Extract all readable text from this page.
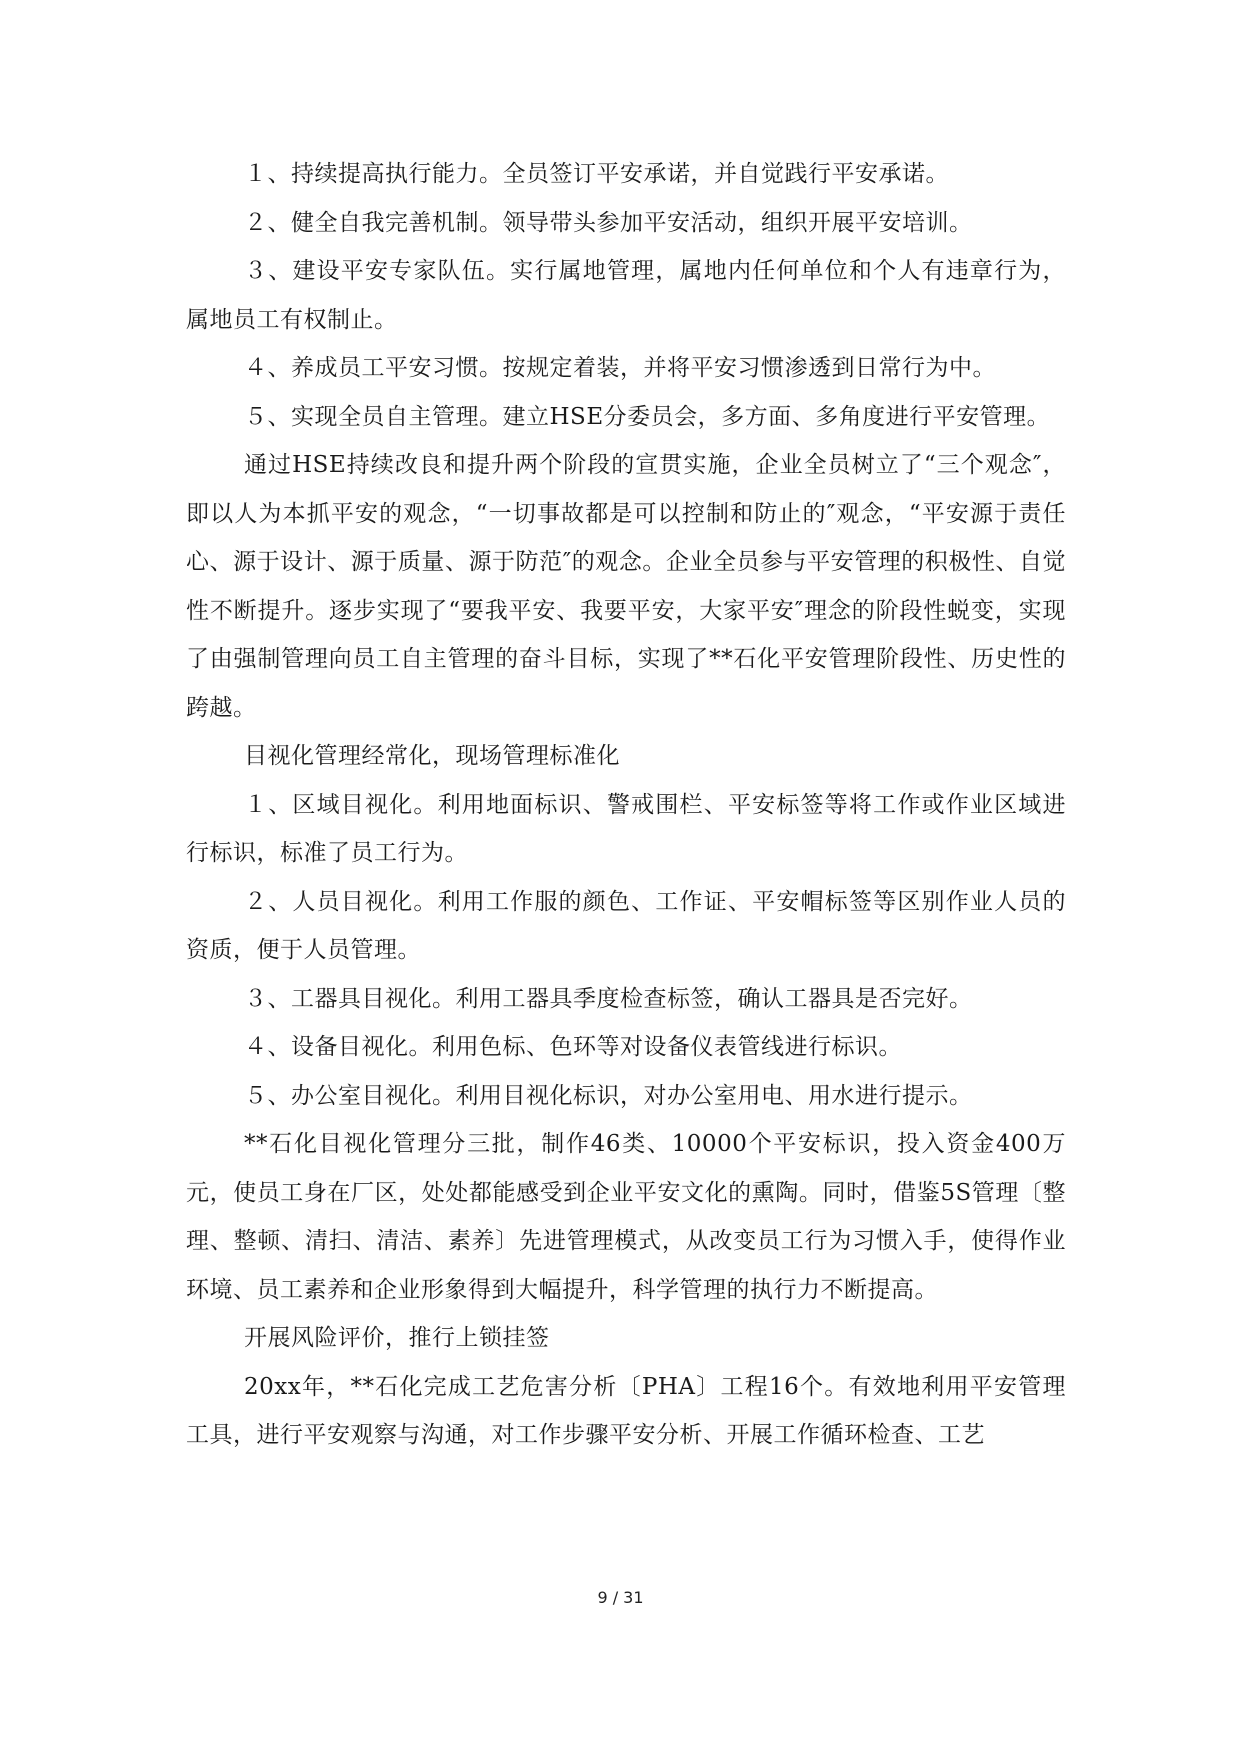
１、持续提高执行能力。全员签订平安承诺，并自觉践行平安承诺。

２、健全自我完善机制。领导带头参加平安活动，组织开展平安培训。

３、建设平安专家队伍。实行属地管理，属地内任何单位和个人有违章行为，属地员工有权制止。

４、养成员工平安习惯。按规定着装，并将平安习惯渗透到日常行为中。

５、实现全员自主管理。建立HSE分委员会，多方面、多角度进行平安管理。

通过HSE持续改良和提升两个阶段的宣贯实施，企业全员树立了“三个观念″，即以人为本抓平安的观念，“一切事故都是可以控制和防止的″观念，“平安源于责任心、源于设计、源于质量、源于防范″的观念。企业全员参与平安管理的积极性、自觉性不断提升。逐步实现了“要我平安、我要平安，大家平安″理念的阶段性蜕变，实现了由强制管理向员工自主管理的奋斗目标，实现了**石化平安管理阶段性、历史性的跨越。

目视化管理经常化，现场管理标准化

１、区域目视化。利用地面标识、警戒围栏、平安标签等将工作或作业区域进行标识，标准了员工行为。

２、人员目视化。利用工作服的颜色、工作证、平安帽标签等区别作业人员的资质，便于人员管理。

３、工器具目视化。利用工器具季度检查标签，确认工器具是否完好。

４、设备目视化。利用色标、色环等对设备仪表管线进行标识。

５、办公室目视化。利用目视化标识，对办公室用电、用水进行提示。

**石化目视化管理分三批，制作46类、10000个平安标识，投入资金400万元，使员工身在厂区，处处都能感受到企业平安文化的熏陶。同时，借鉴5S管理〔整理、整顿、清扫、清洁、素养〕先进管理模式，从改变员工行为习惯入手，使得作业环境、员工素养和企业形象得到大幅提升，科学管理的执行力不断提高。

开展风险评价，推行上锁挂签

20xx年，**石化完成工艺危害分析〔PHA〕工程16个。有效地利用平安管理工具，进行平安观察与沟通，对工作步骤平安分析、开展工作循环检查、工艺

9 / 31
